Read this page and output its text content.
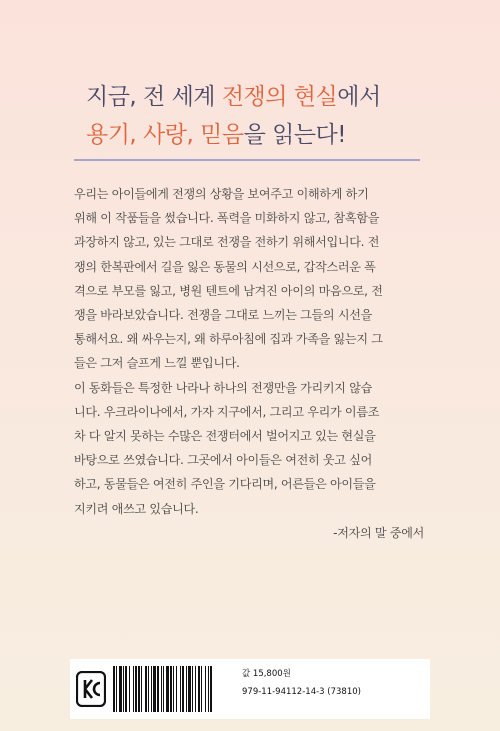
지금, 전 세계 전쟁의 현실에서
용기, 사랑, 믿음을 읽는다!
우리는 아이들에게 전쟁의 상황을 보여주고 이해하게 하기
위해 이 작품들을 썼습니다. 폭력을 미화하지 않고, 참혹함을
과장하지 않고, 있는 그대로 전쟁을 전하기 위해서입니다. 전
쟁의 한복판에서 길을 잃은 동물의 시선으로, 갑작스러운 폭
격으로 부모를 잃고, 병원 텐트에 남겨진 아이의 마음으로, 전
쟁을 바라보았습니다. 전쟁을 그대로 느끼는 그들의 시선을
통해서요. 왜 싸우는지, 왜 하루아침에 집과 가족을 잃는지 그
들은 그저 슬프게 느낄 뿐입니다.
이 동화들은 특정한 나라나 하나의 전쟁만을 가리키지 않습
니다. 우크라이나에서, 가자 지구에서, 그리고 우리가 이름조
차 다 알지 못하는 수많은 전쟁터에서 벌어지고 있는 현실을
바탕으로 쓰였습니다. 그곳에서 아이들은 여전히 웃고 싶어
하고, 동물들은 여전히 주인을 기다리며, 어른들은 아이들을
지키려 애쓰고 있습니다.
-저자의 말 중에서
값 15,800원
979-11-94112-14-3 (73810)
